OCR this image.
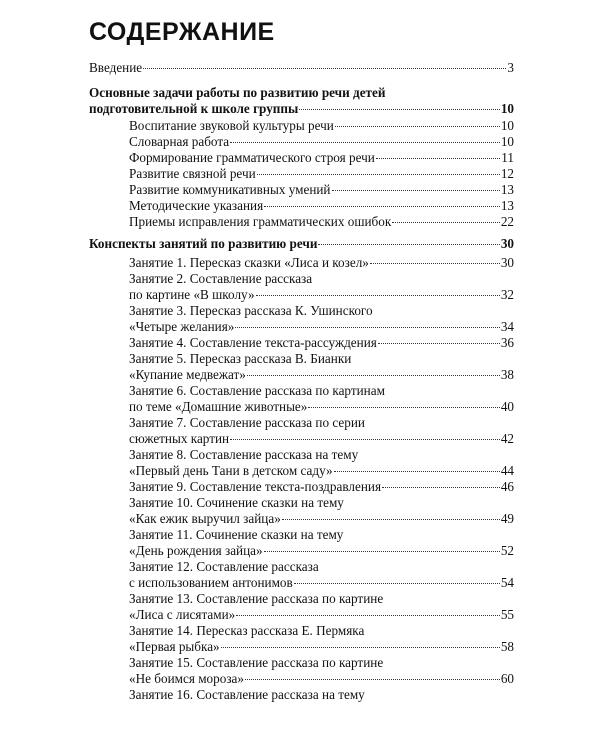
СОДЕРЖАНИЕ
Введение	3
Основные задачи работы по развитию речи детей
подготовительной к школе группы	10
Воспитание звуковой культуры речи	10
Словарная работа	10
Формирование грамматического строя речи	11
Развитие связной речи	12
Развитие коммуникативных умений	13
Методические указания	13
Приемы исправления грамматических ошибок	22
Конспекты занятий по развитию речи	30
Занятие 1. Пересказ сказки «Лиса и козел»	30
Занятие 2. Составление рассказа
по картине «В школу»	32
Занятие 3. Пересказ рассказа К. Ушинского
«Четыре желания»	34
Занятие 4. Составление текста-рассуждения	36
Занятие 5. Пересказ рассказа В. Бианки
«Купание медвежат»	38
Занятие 6. Составление рассказа по картинам
по теме «Домашние животные»	40
Занятие 7. Составление рассказа по серии
сюжетных картин	42
Занятие 8. Составление рассказа на тему
«Первый день Тани в детском саду»	44
Занятие 9. Составление текста-поздравления	46
Занятие 10. Сочинение сказки на тему
«Как ежик выручил зайца»	49
Занятие 11. Сочинение сказки на тему
«День рождения зайца»	52
Занятие 12. Составление рассказа
с использованием антонимов	54
Занятие 13. Составление рассказа по картине
«Лиса с лисятами»	55
Занятие 14. Пересказ рассказа Е. Пермяка
«Первая рыбка»	58
Занятие 15. Составление рассказа по картине
«Не боимся мороза»	60
Занятие 16. Составление рассказа на тему
